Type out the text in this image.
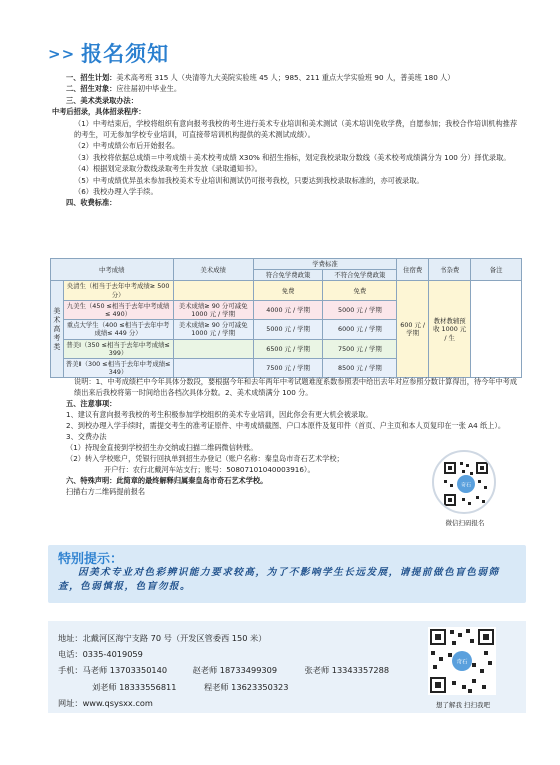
>> 报名须知

一、招生计划：美术高考班 315 人（央清等九大美院实验班 45 人；985、211 重点大学实验班 90 人，普美班 180 人）

二、招生对象：应往届初中毕业生。

三、美术类录取办法：

中考后招录，具体招录程序：

（1）中考结束后，学校将组织有意向报考我校的考生进行美术专业培训和美术测试（美术培训免收学费，自愿参加；我校合作培训机构推荐的考生，可无参加学校专业培训，可直接带培训机构提供的美术测试成绩）。

（2）中考成绩公布后开始报名。

（3）我校将依据总成绩＝中考成绩＋美术校考成绩 X30% 和招生指标，划定我校录取分数线（美术校考成绩满分为 100 分）择优录取。

（4）根据划定录取分数线录取考生并发放《录取通知书》。

（5）中考成绩优异虽未参加我校美术专业培训和测试仍可报考我校，只要达到我校录取标准的，亦可被录取。

（6）我校办理入学手续。

四、收费标准：

中考成绩		美术成绩	学费标准		住宿费	书杂费	备注
			符合免学费政策	不符合免学费政策			
美术高考类	央清生（相当于去年中考成绩≥ 500 分）		免费	免费	600 元 / 学期	教材教辅预收 1000 元 / 生	
	九美生（450 ≤相当于去年中考成绩≤ 490）	美术成绩≥ 90 分可减免 1000 元 / 学期	4000 元 / 学期	5000 元 / 学期			
	重点大学生（400 ≤相当于去年中考成绩≤ 449 分）	美术成绩≥ 90 分可减免 1000 元 / 学期	5000 元 / 学期	6000 元 / 学期			
	普美Ⅰ（350 ≤相当于去年中考成绩≤ 399）		6500 元 / 学期	7500 元 / 学期			
	普美Ⅱ（300 ≤相当于去年中考成绩≤ 349）		7500 元 / 学期	8500 元 / 学期			

说明：1、中考成绩栏中今年具体分数段，要根据今年和去年两年中考试题难度系数参照表中给出去年对应参照分数计算得出，待今年中考成绩出来后我校将第一时间给出各档次具体分数。2、美术成绩满分 100 分。

五、注意事项：

1、建议有意向报考我校的考生积极参加学校组织的美术专业培训，因此你会有更大机会被录取。

2、到校办理入学手续时，需提交考生的准考证原件、中考成绩截图、户口本原件及复印件（首页、户主页和本人页复印在一张 A4 纸上）。

3、交费办法

（1）持现金直接到学校招生办交纳或扫描二维码微信转账。

（2）转入学校账户，凭银行回执单到招生办登记（账户名称：秦皇岛市奇石艺术学校；

开户行：农行北戴河车站支行；账号：50807101040003916）。

六、特殊声明：此简章的最终解释归属秦皇岛市奇石艺术学校。

扫描右方二维码提前报名

奇石
微信扫码报名
特别提示：
因美术专业对色彩辨识能力要求较高，为了不影响学生长远发展，请提前做色盲色弱筛查，色弱慎报，色盲勿报。

地址：北戴河区海宁支路 70 号（开发区管委西 150 米）

电话：0335-4019059

手机：马老师 13703350140	赵老师 18733499309	张老师 13343357288

刘老师 18333556811	程老师 13623350323

网址：www.qsysxx.com

奇石
想了解我 扫扫我吧
